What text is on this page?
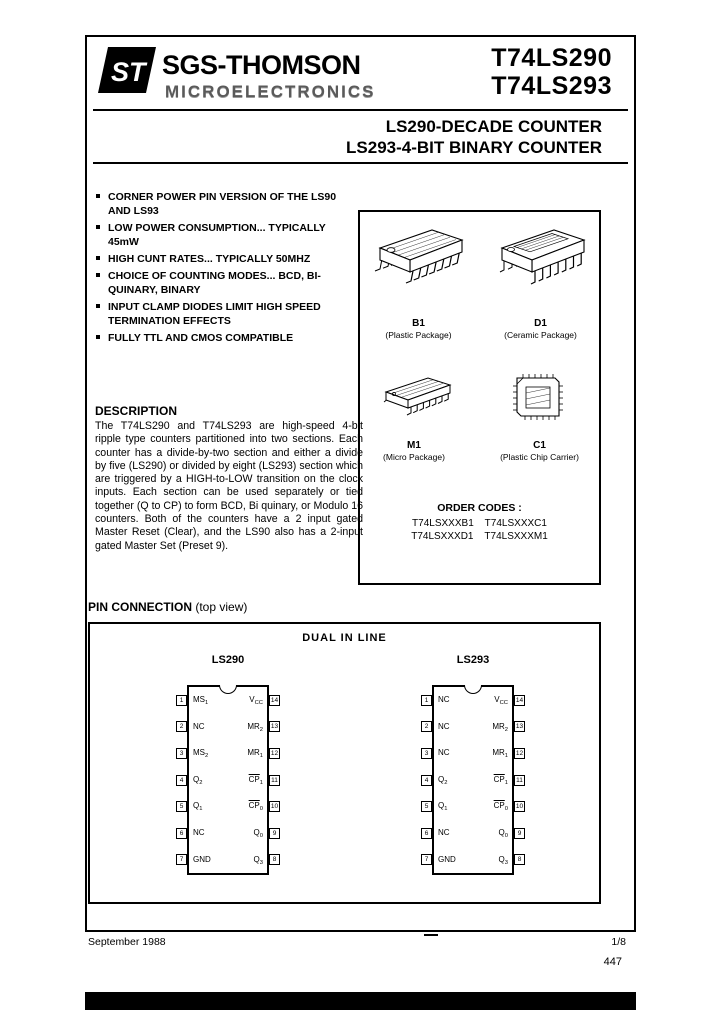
ST SGS-THOMSON
MICROELECTRONICS
T74LS290
T74LS293
LS290-DECADE COUNTER
LS293-4-BIT BINARY COUNTER
CORNER POWER PIN VERSION OF THE LS90 AND LS93
LOW POWER CONSUMPTION... TYPICALLY 45mW
HIGH CUNT RATES... TYPICALLY 50MHZ
CHOICE OF COUNTING MODES... BCD, BI-QUINARY, BINARY
INPUT CLAMP DIODES LIMIT HIGH SPEED TERMINATION EFFECTS
FULLY TTL AND CMOS COMPATIBLE
DESCRIPTION
The T74LS290 and T74LS293 are high-speed 4-bit ripple type counters partitioned into two sections. Each counter has a divide-by-two section and either a divide by five (LS290) or divided by eight (LS293) section which are triggered by a HIGH-to-LOW transition on the clock inputs. Each section can be used separately or tied together (Q to CP) to form BCD, Bi quinary, or Modulo 16 counters. Both of the counters have a 2 input gated Master Reset (Clear), and the LS90 also has a 2-input gated Master Set (Preset 9).
B1
(Plastic Package)
D1
(Ceramic Package)
M1
(Micro Package)
C1
(Plastic Chip Carrier)
ORDER CODES :
T74LSXXXB1    T74LSXXXC1
T74LSXXXD1    T74LSXXXM1
PIN CONNECTION (top view)
DUAL IN LINE
LS290
1
2
3
4
5
6
7
$MS_1$
NC
$MS_2$
$Q_2$
$Q_1$
NC
GND
$V_{CC}$
$MR_2$
$MR_1$
$\overline{CP}_1$
$\overline{CP}_0$
$Q_0$
$Q_3$
14
13
12
11
10
9
8
LS293
1
2
3
4
5
6
7
NC
NC
NC
$Q_2$
$Q_1$
NC
GND
$V_{CC}$
$MR_2$
$MR_1$
$\overline{CP}_1$
$\overline{CP}_0$
$Q_0$
$Q_3$
14
13
12
11
10
9
8
September 1988	1/8
447
